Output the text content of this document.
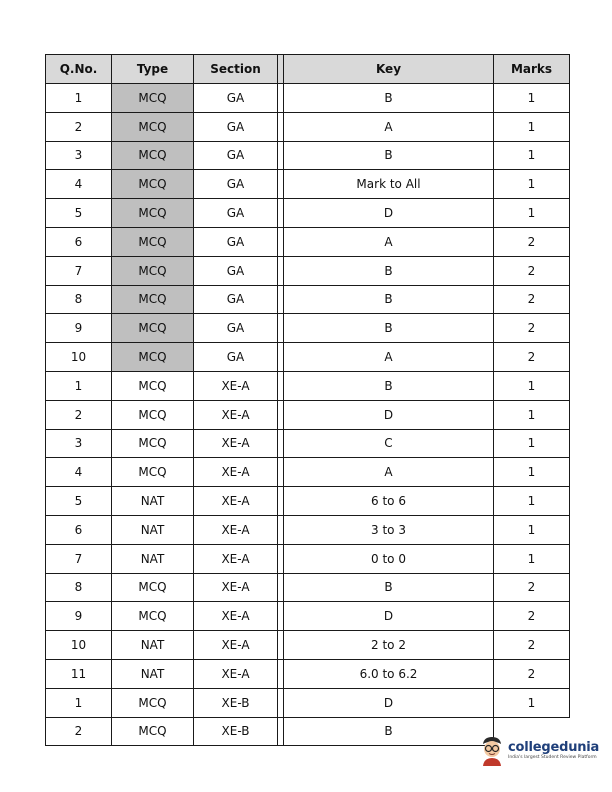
Q.No.	Type	Section		Key	Marks
1	MCQ	GA		B	1
2	MCQ	GA		A	1
3	MCQ	GA		B	1
4	MCQ	GA		Mark to All	1
5	MCQ	GA		D	1
6	MCQ	GA		A	2
7	MCQ	GA		B	2
8	MCQ	GA		B	2
9	MCQ	GA		B	2
10	MCQ	GA		A	2
1	MCQ	XE-A		B	1
2	MCQ	XE-A		D	1
3	MCQ	XE-A		C	1
4	MCQ	XE-A		A	1
5	NAT	XE-A		6 to 6	1
6	NAT	XE-A		3 to 3	1
7	NAT	XE-A		0 to 0	1
8	MCQ	XE-A		B	2
9	MCQ	XE-A		D	2
10	NAT	XE-A		2 to 2	2
11	NAT	XE-A		6.0 to 6.2	2
1	MCQ	XE-B		D	1
2	MCQ	XE-B		B	
collegedunia
India's largest Student Review Platform
